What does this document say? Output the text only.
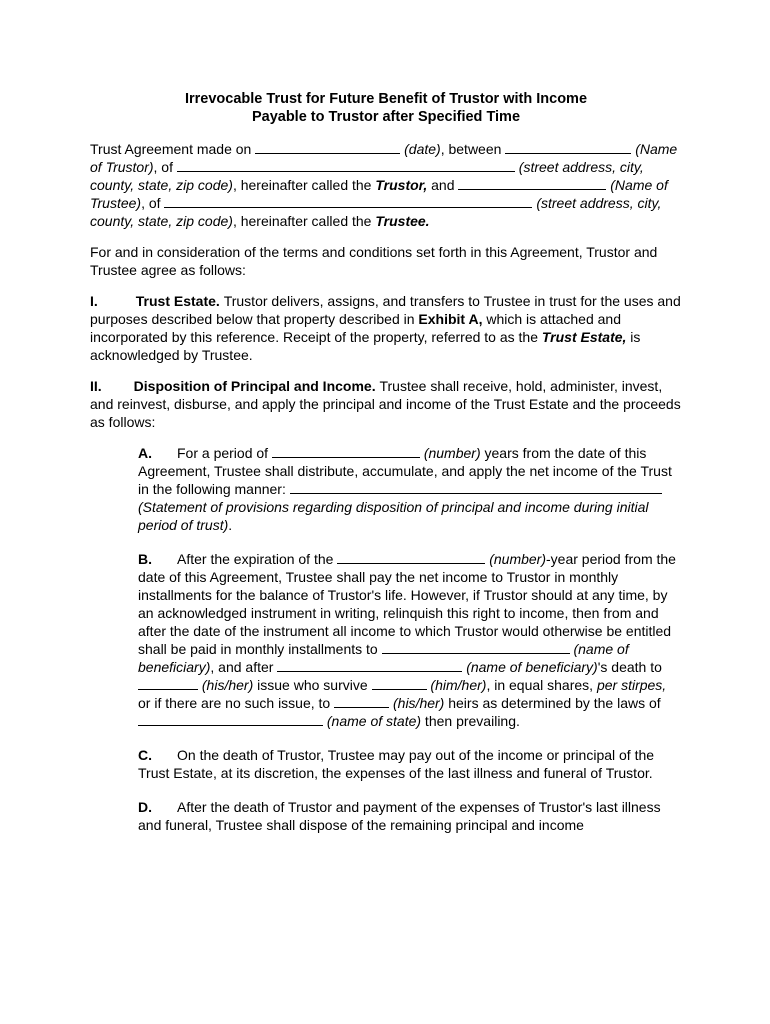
Irrevocable Trust for Future Benefit of Trustor with Income
Payable to Trustor after Specified Time

Trust Agreement made on	(date), between	(Name of Trustor), of	(street address, city, county, state, zip code), hereinafter called the Trustor, and	(Name of Trustee), of	(street address, city, county, state, zip code), hereinafter called the Trustee.

For and in consideration of the terms and conditions set forth in this Agreement, Trustor and Trustee agree as follows:

I.	Trust Estate. Trustor delivers, assigns, and transfers to Trustee in trust for the uses and purposes described below that property described in Exhibit A, which is attached and incorporated by this reference. Receipt of the property, referred to as the Trust Estate, is acknowledged by Trustee.

II. Disposition of Principal and Income. Trustee shall receive, hold, administer, invest, and reinvest, disburse, and apply the principal and income of the Trust Estate and the proceeds as follows:

A. For a period of	(number) years from the date of this Agreement, Trustee shall distribute, accumulate, and apply the net income of the Trust in the following manner:  (Statement of provisions regarding disposition of principal and income during initial period of trust).

B. After the expiration of the	(number)-year period from the date of this Agreement, Trustee shall pay the net income to Trustor in monthly installments for the balance of Trustor's life. However, if Trustor should at any time, by an acknowledged instrument in writing, relinquish this right to income, then from and after the date of the instrument all income to which Trustor would otherwise be entitled shall be paid in monthly installments to	(name of beneficiary), and after	(name of beneficiary)'s death to  (his/her) issue who survive	(him/her), in equal shares, per stirpes, or if there are no such issue, to	(his/her) heirs as determined by the laws of  (name of state) then prevailing.

C. On the death of Trustor, Trustee may pay out of the income or principal of the Trust Estate, at its discretion, the expenses of the last illness and funeral of Trustor.

D. After the death of Trustor and payment of the expenses of Trustor's last illness and funeral, Trustee shall dispose of the remaining principal and income
